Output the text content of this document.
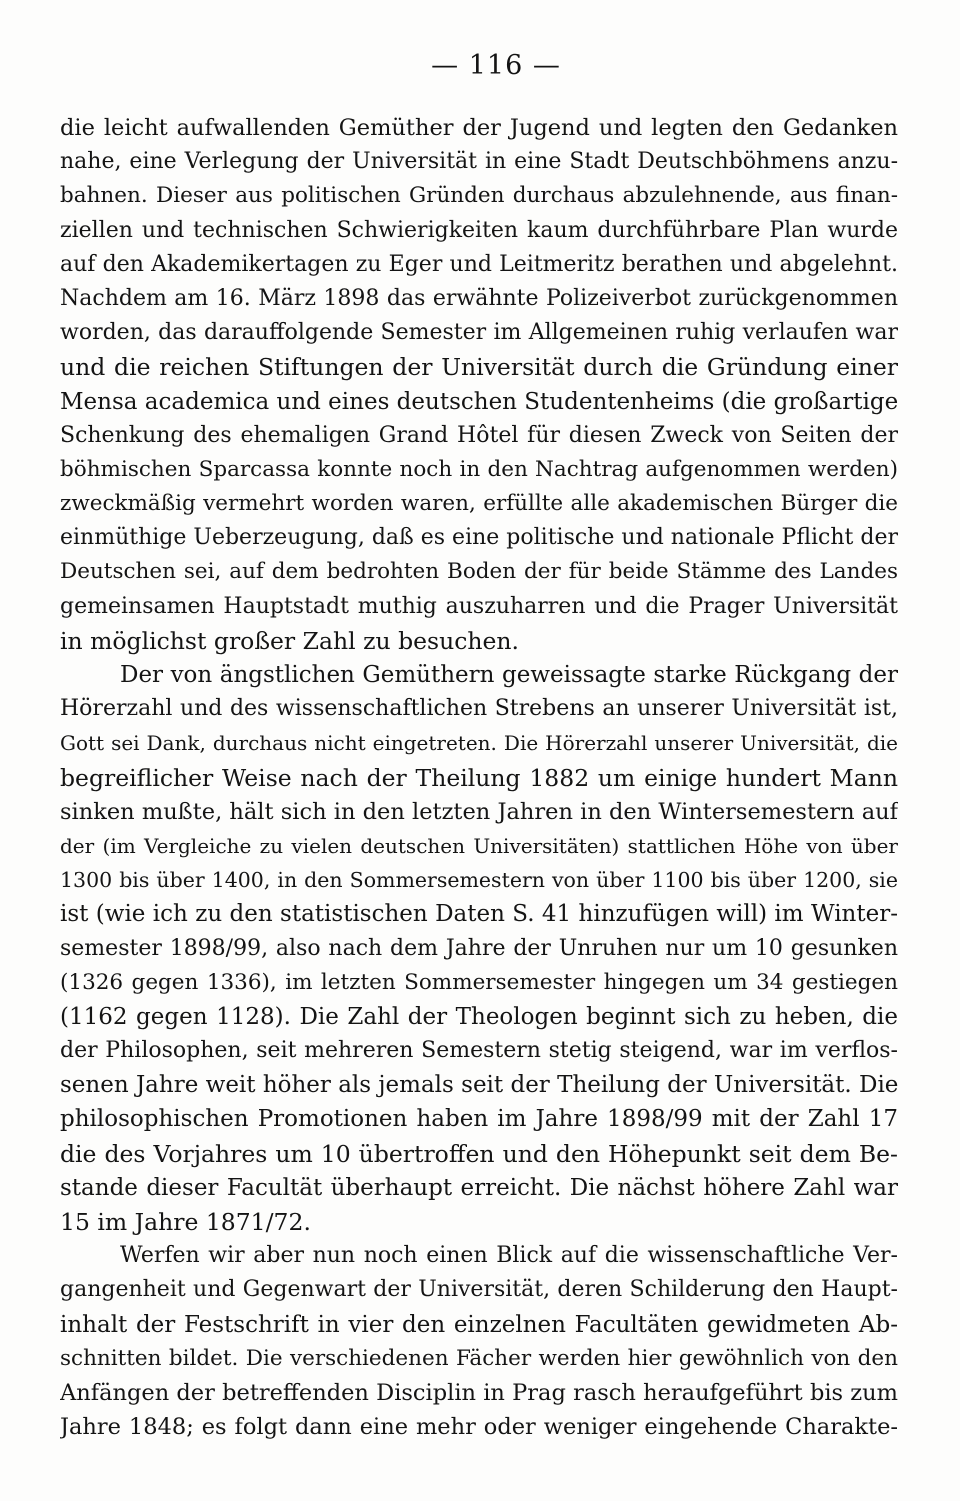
— 116 —
die leicht aufwallenden Gemüther der Jugend und legten den Gedanken
nahe, eine Verlegung der Universität in eine Stadt Deutschböhmens anzu-
bahnen. Dieser aus politischen Gründen durchaus abzulehnende, aus finan-
ziellen und technischen Schwierigkeiten kaum durchführbare Plan wurde
auf den Akademikertagen zu Eger und Leitmeritz berathen und abgelehnt.
Nachdem am 16. März 1898 das erwähnte Polizeiverbot zurückgenommen
worden, das darauffolgende Semester im Allgemeinen ruhig verlaufen war
und die reichen Stiftungen der Universität durch die Gründung einer
Mensa academica und eines deutschen Studentenheims (die großartige
Schenkung des ehemaligen Grand Hôtel für diesen Zweck von Seiten der
böhmischen Sparcassa konnte noch in den Nachtrag aufgenommen werden)
zweckmäßig vermehrt worden waren, erfüllte alle akademischen Bürger die
einmüthige Ueberzeugung, daß es eine politische und nationale Pflicht der
Deutschen sei, auf dem bedrohten Boden der für beide Stämme des Landes
gemeinsamen Hauptstadt muthig auszuharren und die Prager Universität
in möglichst großer Zahl zu besuchen.
Der von ängstlichen Gemüthern geweissagte starke Rückgang der
Hörerzahl und des wissenschaftlichen Strebens an unserer Universität ist,
Gott sei Dank, durchaus nicht eingetreten. Die Hörerzahl unserer Universität, die
begreiflicher Weise nach der Theilung 1882 um einige hundert Mann
sinken mußte, hält sich in den letzten Jahren in den Wintersemestern auf
der (im Vergleiche zu vielen deutschen Universitäten) stattlichen Höhe von über
1300 bis über 1400, in den Sommersemestern von über 1100 bis über 1200, sie
ist (wie ich zu den statistischen Daten S. 41 hinzufügen will) im Winter-
semester 1898/99, also nach dem Jahre der Unruhen nur um 10 gesunken
(1326 gegen 1336), im letzten Sommersemester hingegen um 34 gestiegen
(1162 gegen 1128). Die Zahl der Theologen beginnt sich zu heben, die
der Philosophen, seit mehreren Semestern stetig steigend, war im verflos-
senen Jahre weit höher als jemals seit der Theilung der Universität. Die
philosophischen Promotionen haben im Jahre 1898/99 mit der Zahl 17
die des Vorjahres um 10 übertroffen und den Höhepunkt seit dem Be-
stande dieser Facultät überhaupt erreicht. Die nächst höhere Zahl war
15 im Jahre 1871/72.
Werfen wir aber nun noch einen Blick auf die wissenschaftliche Ver-
gangenheit und Gegenwart der Universität, deren Schilderung den Haupt-
inhalt der Festschrift in vier den einzelnen Facultäten gewidmeten Ab-
schnitten bildet. Die verschiedenen Fächer werden hier gewöhnlich von den
Anfängen der betreffenden Disciplin in Prag rasch heraufgeführt bis zum
Jahre 1848; es folgt dann eine mehr oder weniger eingehende Charakte-
